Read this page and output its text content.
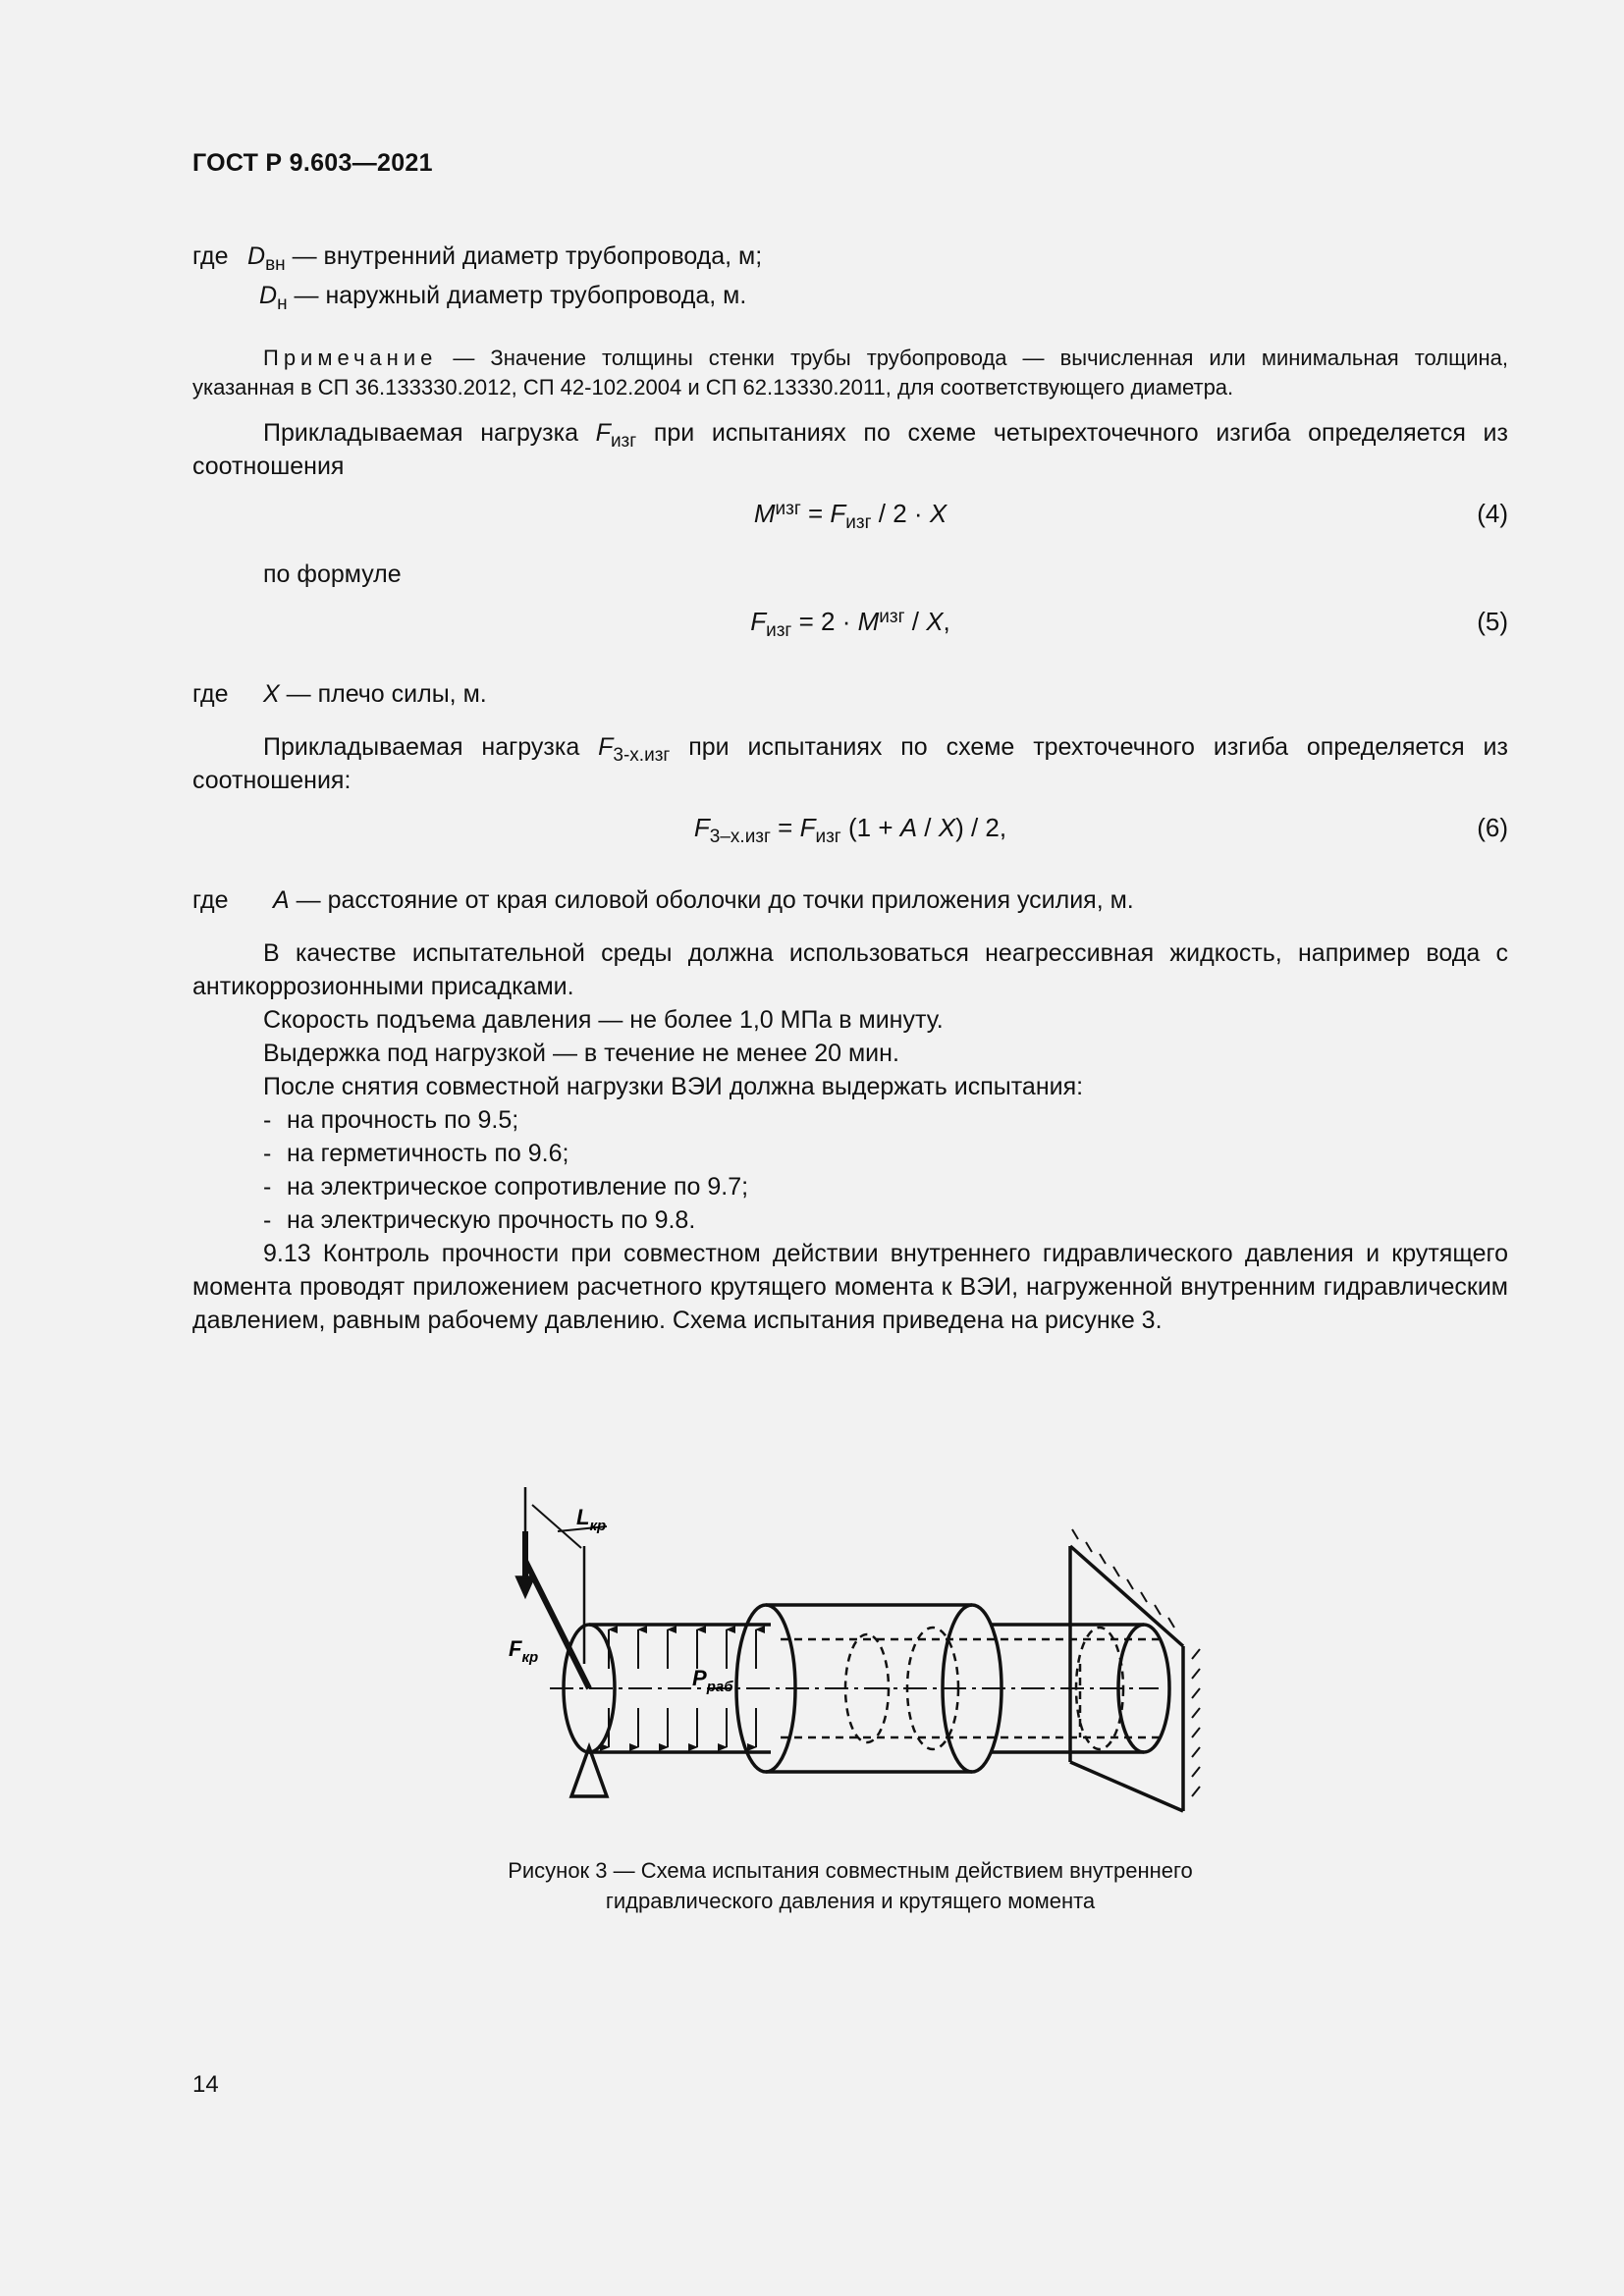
ГОСТ Р 9.603—2021
где $D_{вн}$ — внутренний диаметр трубопровода, м;
$D_н$ — наружный диаметр трубопровода, м.

Примечание — Значение толщины стенки трубы трубопровода — вычисленная или минимальная толщина, указанная в СП 36.133330.2012, СП 42-102.2004 и СП 62.13330.2011, для соответствующего диаметра.

Прикладываемая нагрузка $F_{изг}$ при испытаниях по схеме четырехточечного изгиба определяется из соотношения

$M^{изг} = F_{изг} / 2 \cdot X$	(4)

по формуле

$F_{изг} = 2 \cdot M^{изг} / X$,	(5)
где X — плечо силы, м.

Прикладываемая нагрузка $F_{3-х.изг}$ при испытаниях по схеме трехточечного изгиба определяется из соотношения:

$F_{3-х.изг} = F_{изг}$ (1 + A / X) / 2,	(6)
где A — расстояние от края силовой оболочки до точки приложения усилия, м.

В качестве испытательной среды должна использоваться неагрессивная жидкость, например вода с антикоррозионными присадками.

Скорость подъема давления — не более 1,0 МПа в минуту.

Выдержка под нагрузкой — в течение не менее 20 мин.

После снятия совместной нагрузки ВЭИ должна выдержать испытания:

- на прочность по 9.5;

- на герметичность по 9.6;

- на электрическое сопротивление по 9.7;

- на электрическую прочность по 9.8.

9.13 Контроль прочности при совместном действии внутреннего гидравлического давления и крутящего момента проводят приложением расчетного крутящего момента к ВЭИ, нагруженной внутренним гидравлическим давлением, равным рабочему давлению. Схема испытания приведена на рисунке 3.

$L_{кр}$
$F_{кр}$
$P_{раб}$
Рисунок 3 — Схема испытания совместным действием внутреннего
гидравлического давления и крутящего момента
14
